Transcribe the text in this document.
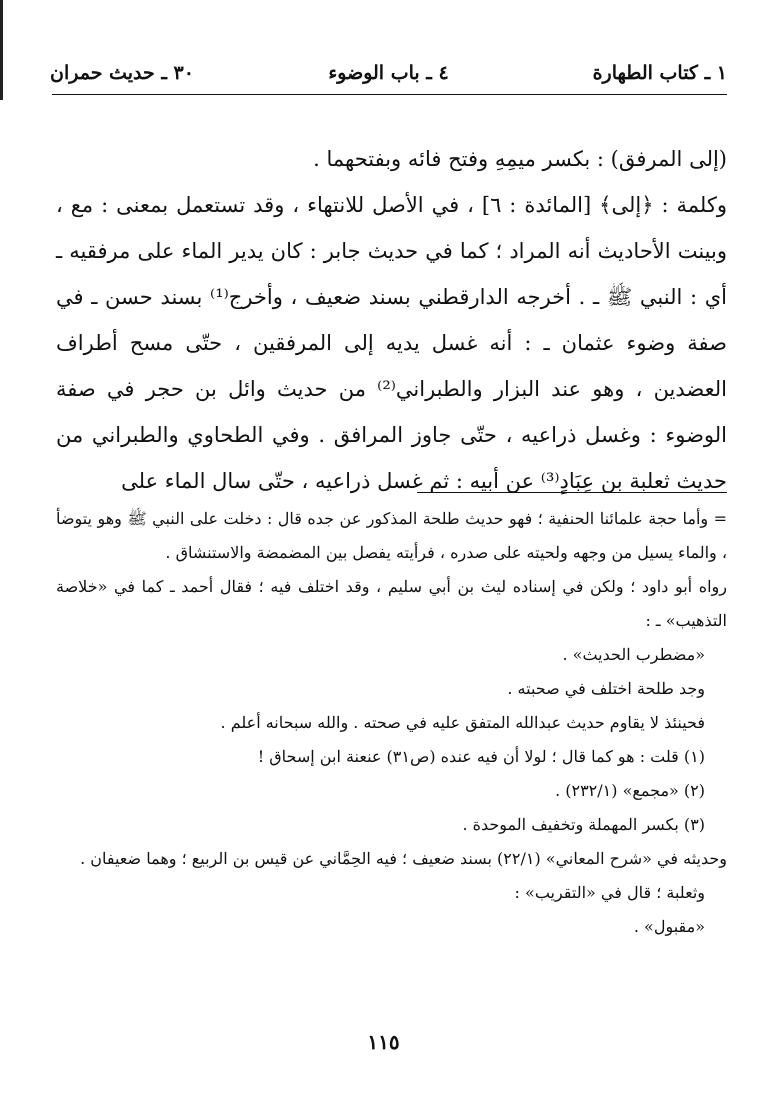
١ ـ كتاب الطهارة
٤ ـ باب الوضوء
٣٠ ـ حديث حمران

(إلى المرفق) : بكسر ميمِهِ وفتح فائه وبفتحهما .

وكلمة : ﴿إلى﴾ [المائدة : ٦] ، في الأصل للانتهاء ، وقد تستعمل بمعنى : مع ، وبينت الأحاديث أنه المراد ؛ كما في حديث جابر : كان يدير الماء على مرفقيه ـ أي : النبي ﷺ ـ . أخرجه الدارقطني بسند ضعيف ، وأخرج⁽¹⁾ بسند حسن ـ في صفة وضوء عثمان ـ : أنه غسل يديه إلى المرفقين ، حتّى مسح أطراف العضدين ، وهو عند البزار والطبراني⁽²⁾ من حديث وائل بن حجر في صفة الوضوء : وغسل ذراعيه ، حتّى جاوز المرافق . وفي الطحاوي والطبراني من حديث ثعلبة بن عِبَادٍ⁽³⁾ عن أبيه : ثم غسل ذراعيه ، حتّى سال الماء على

= وأما حجة علمائنا الحنفية ؛ فهو حديث طلحة المذكور عن جده قال : دخلت على النبي ﷺ وهو يتوضأ ، والماء يسيل من وجهه ولحيته على صدره ، فرأيته يفصل بين المضمضة والاستنشاق .

رواه أبو داود ؛ ولكن في إسناده ليث بن أبي سليم ، وقد اختلف فيه ؛ فقال أحمد ـ كما في «خلاصة التذهيب» ـ :

«مضطرب الحديث» .

وجد طلحة اختلف في صحبته .

فحينئذ لا يقاوم حديث عبدالله المتفق عليه في صحته . والله سبحانه أعلم .

(١) قلت : هو كما قال ؛ لولا أن فيه عنده (ص٣١) عنعنة ابن إسحاق !

(٢) «مجمع» (٢٣٢/١) .

(٣) بكسر المهملة وتخفيف الموحدة .

وحديثه في «شرح المعاني» (٢٢/١) بسند ضعيف ؛ فيه الحِمَّاني عن قيس بن الربيع ؛ وهما ضعيفان .

وثعلبة ؛ قال في «التقريب» :

«مقبول» .

١١٥
